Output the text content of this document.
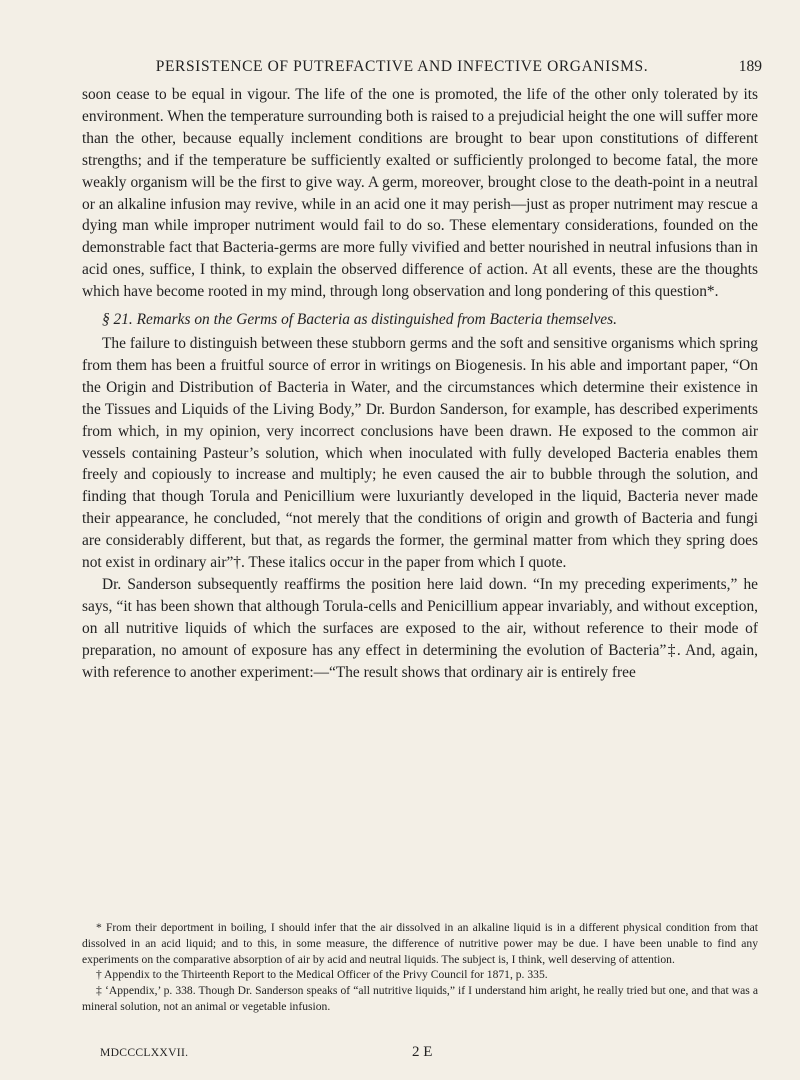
PERSISTENCE OF PUTREFACTIVE AND INFECTIVE ORGANISMS.	189

soon cease to be equal in vigour. The life of the one is promoted, the life of the other only tolerated by its environment. When the temperature surrounding both is raised to a prejudicial height the one will suffer more than the other, because equally inclement conditions are brought to bear upon constitutions of different strengths; and if the temperature be sufficiently exalted or sufficiently prolonged to become fatal, the more weakly organism will be the first to give way. A germ, moreover, brought close to the death-point in a neutral or an alkaline infusion may revive, while in an acid one it may perish—just as proper nutriment may rescue a dying man while improper nutriment would fail to do so. These elementary considerations, founded on the demonstrable fact that Bacteria-germs are more fully vivified and better nourished in neutral infusions than in acid ones, suffice, I think, to explain the observed difference of action. At all events, these are the thoughts which have become rooted in my mind, through long observation and long pondering of this question*.

§ 21. Remarks on the Germs of Bacteria as distinguished from Bacteria themselves.

The failure to distinguish between these stubborn germs and the soft and sensitive organisms which spring from them has been a fruitful source of error in writings on Biogenesis. In his able and important paper, “On the Origin and Distribution of Bacteria in Water, and the circumstances which determine their existence in the Tissues and Liquids of the Living Body,” Dr. Burdon Sanderson, for example, has described experiments from which, in my opinion, very incorrect conclusions have been drawn. He exposed to the common air vessels containing Pasteur’s solution, which when inoculated with fully developed Bacteria enables them freely and copiously to increase and multiply; he even caused the air to bubble through the solution, and finding that though Torula and Penicillium were luxuriantly developed in the liquid, Bacteria never made their appearance, he concluded, “not merely that the conditions of origin and growth of Bacteria and fungi are considerably different, but that, as regards the former, the germinal matter from which they spring does not exist in ordinary air”†. These italics occur in the paper from which I quote.

Dr. Sanderson subsequently reaffirms the position here laid down. “In my preceding experiments,” he says, “it has been shown that although Torula-cells and Penicillium appear invariably, and without exception, on all nutritive liquids of which the surfaces are exposed to the air, without reference to their mode of preparation, no amount of exposure has any effect in determining the evolution of Bacteria”‡. And, again, with reference to another experiment:—“The result shows that ordinary air is entirely free

* From their deportment in boiling, I should infer that the air dissolved in an alkaline liquid is in a different physical condition from that dissolved in an acid liquid; and to this, in some measure, the difference of nutritive power may be due. I have been unable to find any experiments on the comparative absorption of air by acid and neutral liquids. The subject is, I think, well deserving of attention.

† Appendix to the Thirteenth Report to the Medical Officer of the Privy Council for 1871, p. 335.

‡ ‘Appendix,’ p. 338. Though Dr. Sanderson speaks of “all nutritive liquids,” if I understand him aright, he really tried but one, and that was a mineral solution, not an animal or vegetable infusion.

MDCCCLXXVII.	2 E
